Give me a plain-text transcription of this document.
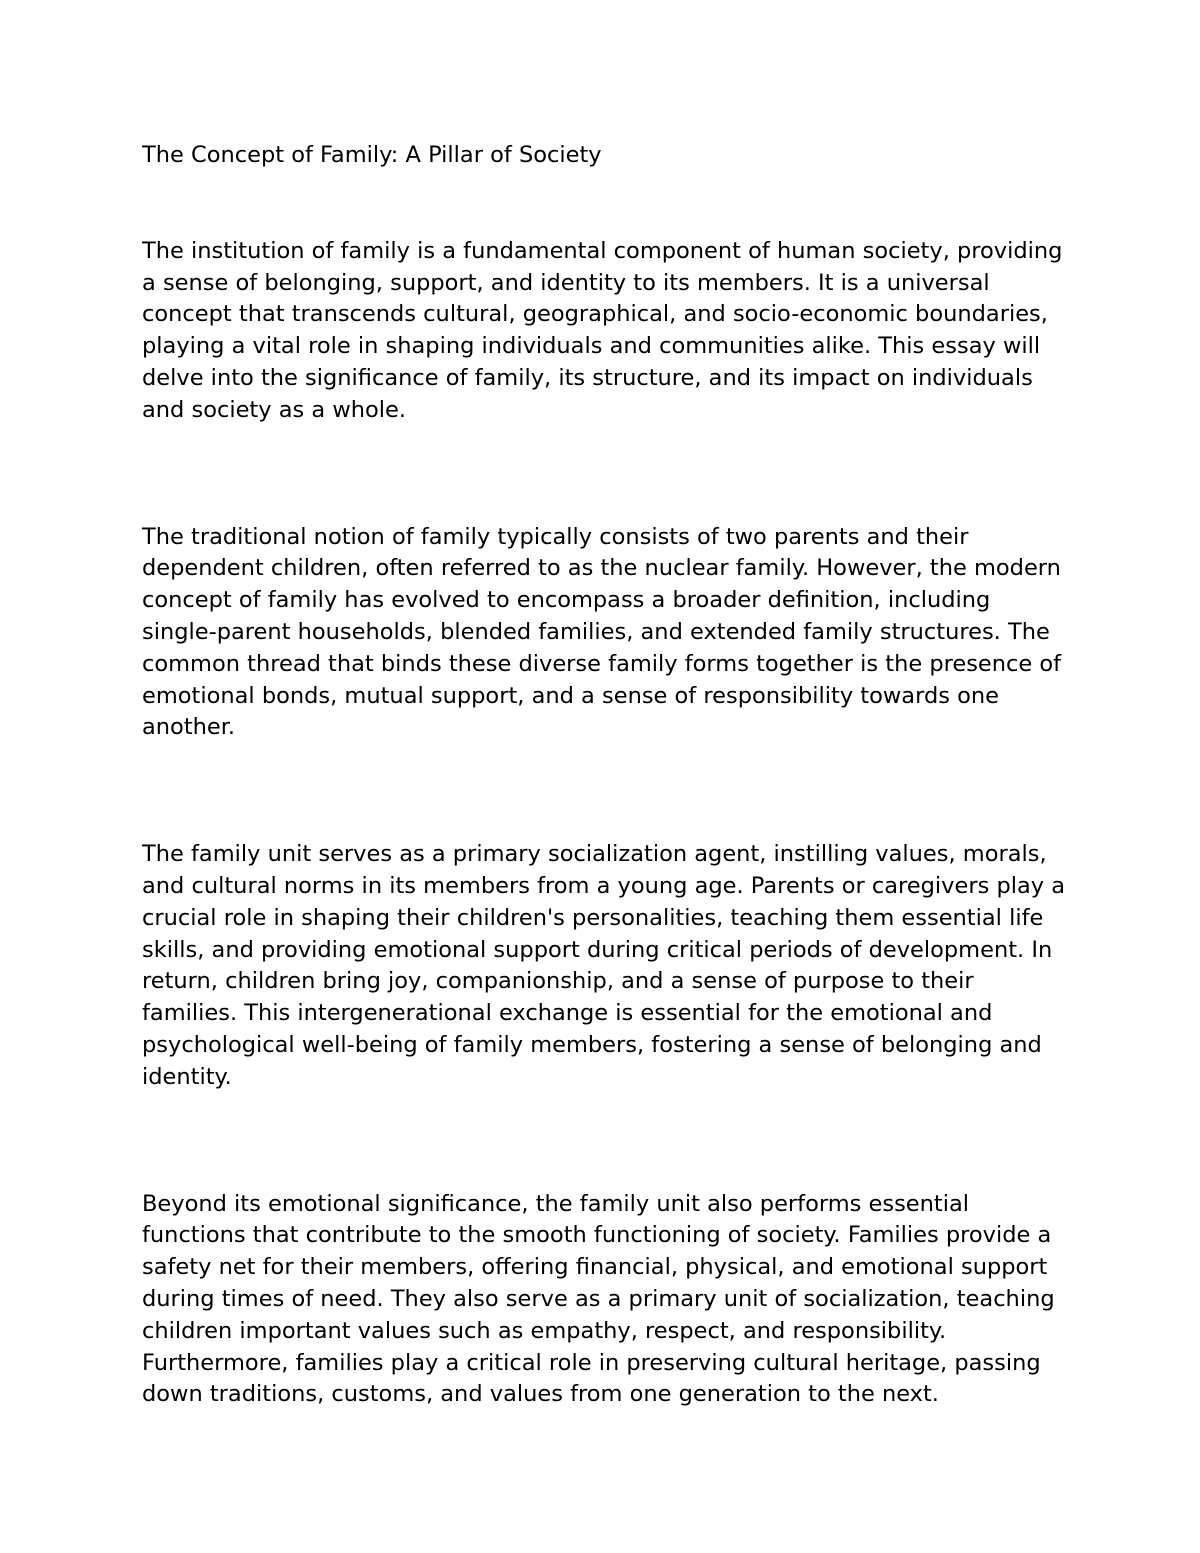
The Concept of Family: A Pillar of Society

The institution of family is a fundamental component of human society, providing a sense of belonging, support, and identity to its members. It is a universal concept that transcends cultural, geographical, and socio-economic boundaries, playing a vital role in shaping individuals and communities alike. This essay will delve into the significance of family, its structure, and its impact on individuals and society as a whole.

The traditional notion of family typically consists of two parents and their dependent children, often referred to as the nuclear family. However, the modern concept of family has evolved to encompass a broader definition, including single-parent households, blended families, and extended family structures. The common thread that binds these diverse family forms together is the presence of emotional bonds, mutual support, and a sense of responsibility towards one another.

The family unit serves as a primary socialization agent, instilling values, morals, and cultural norms in its members from a young age. Parents or caregivers play a crucial role in shaping their children's personalities, teaching them essential life skills, and providing emotional support during critical periods of development. In return, children bring joy, companionship, and a sense of purpose to their families. This intergenerational exchange is essential for the emotional and psychological well-being of family members, fostering a sense of belonging and identity.

Beyond its emotional significance, the family unit also performs essential functions that contribute to the smooth functioning of society. Families provide a safety net for their members, offering financial, physical, and emotional support during times of need. They also serve as a primary unit of socialization, teaching children important values such as empathy, respect, and responsibility. Furthermore, families play a critical role in preserving cultural heritage, passing down traditions, customs, and values from one generation to the next.
